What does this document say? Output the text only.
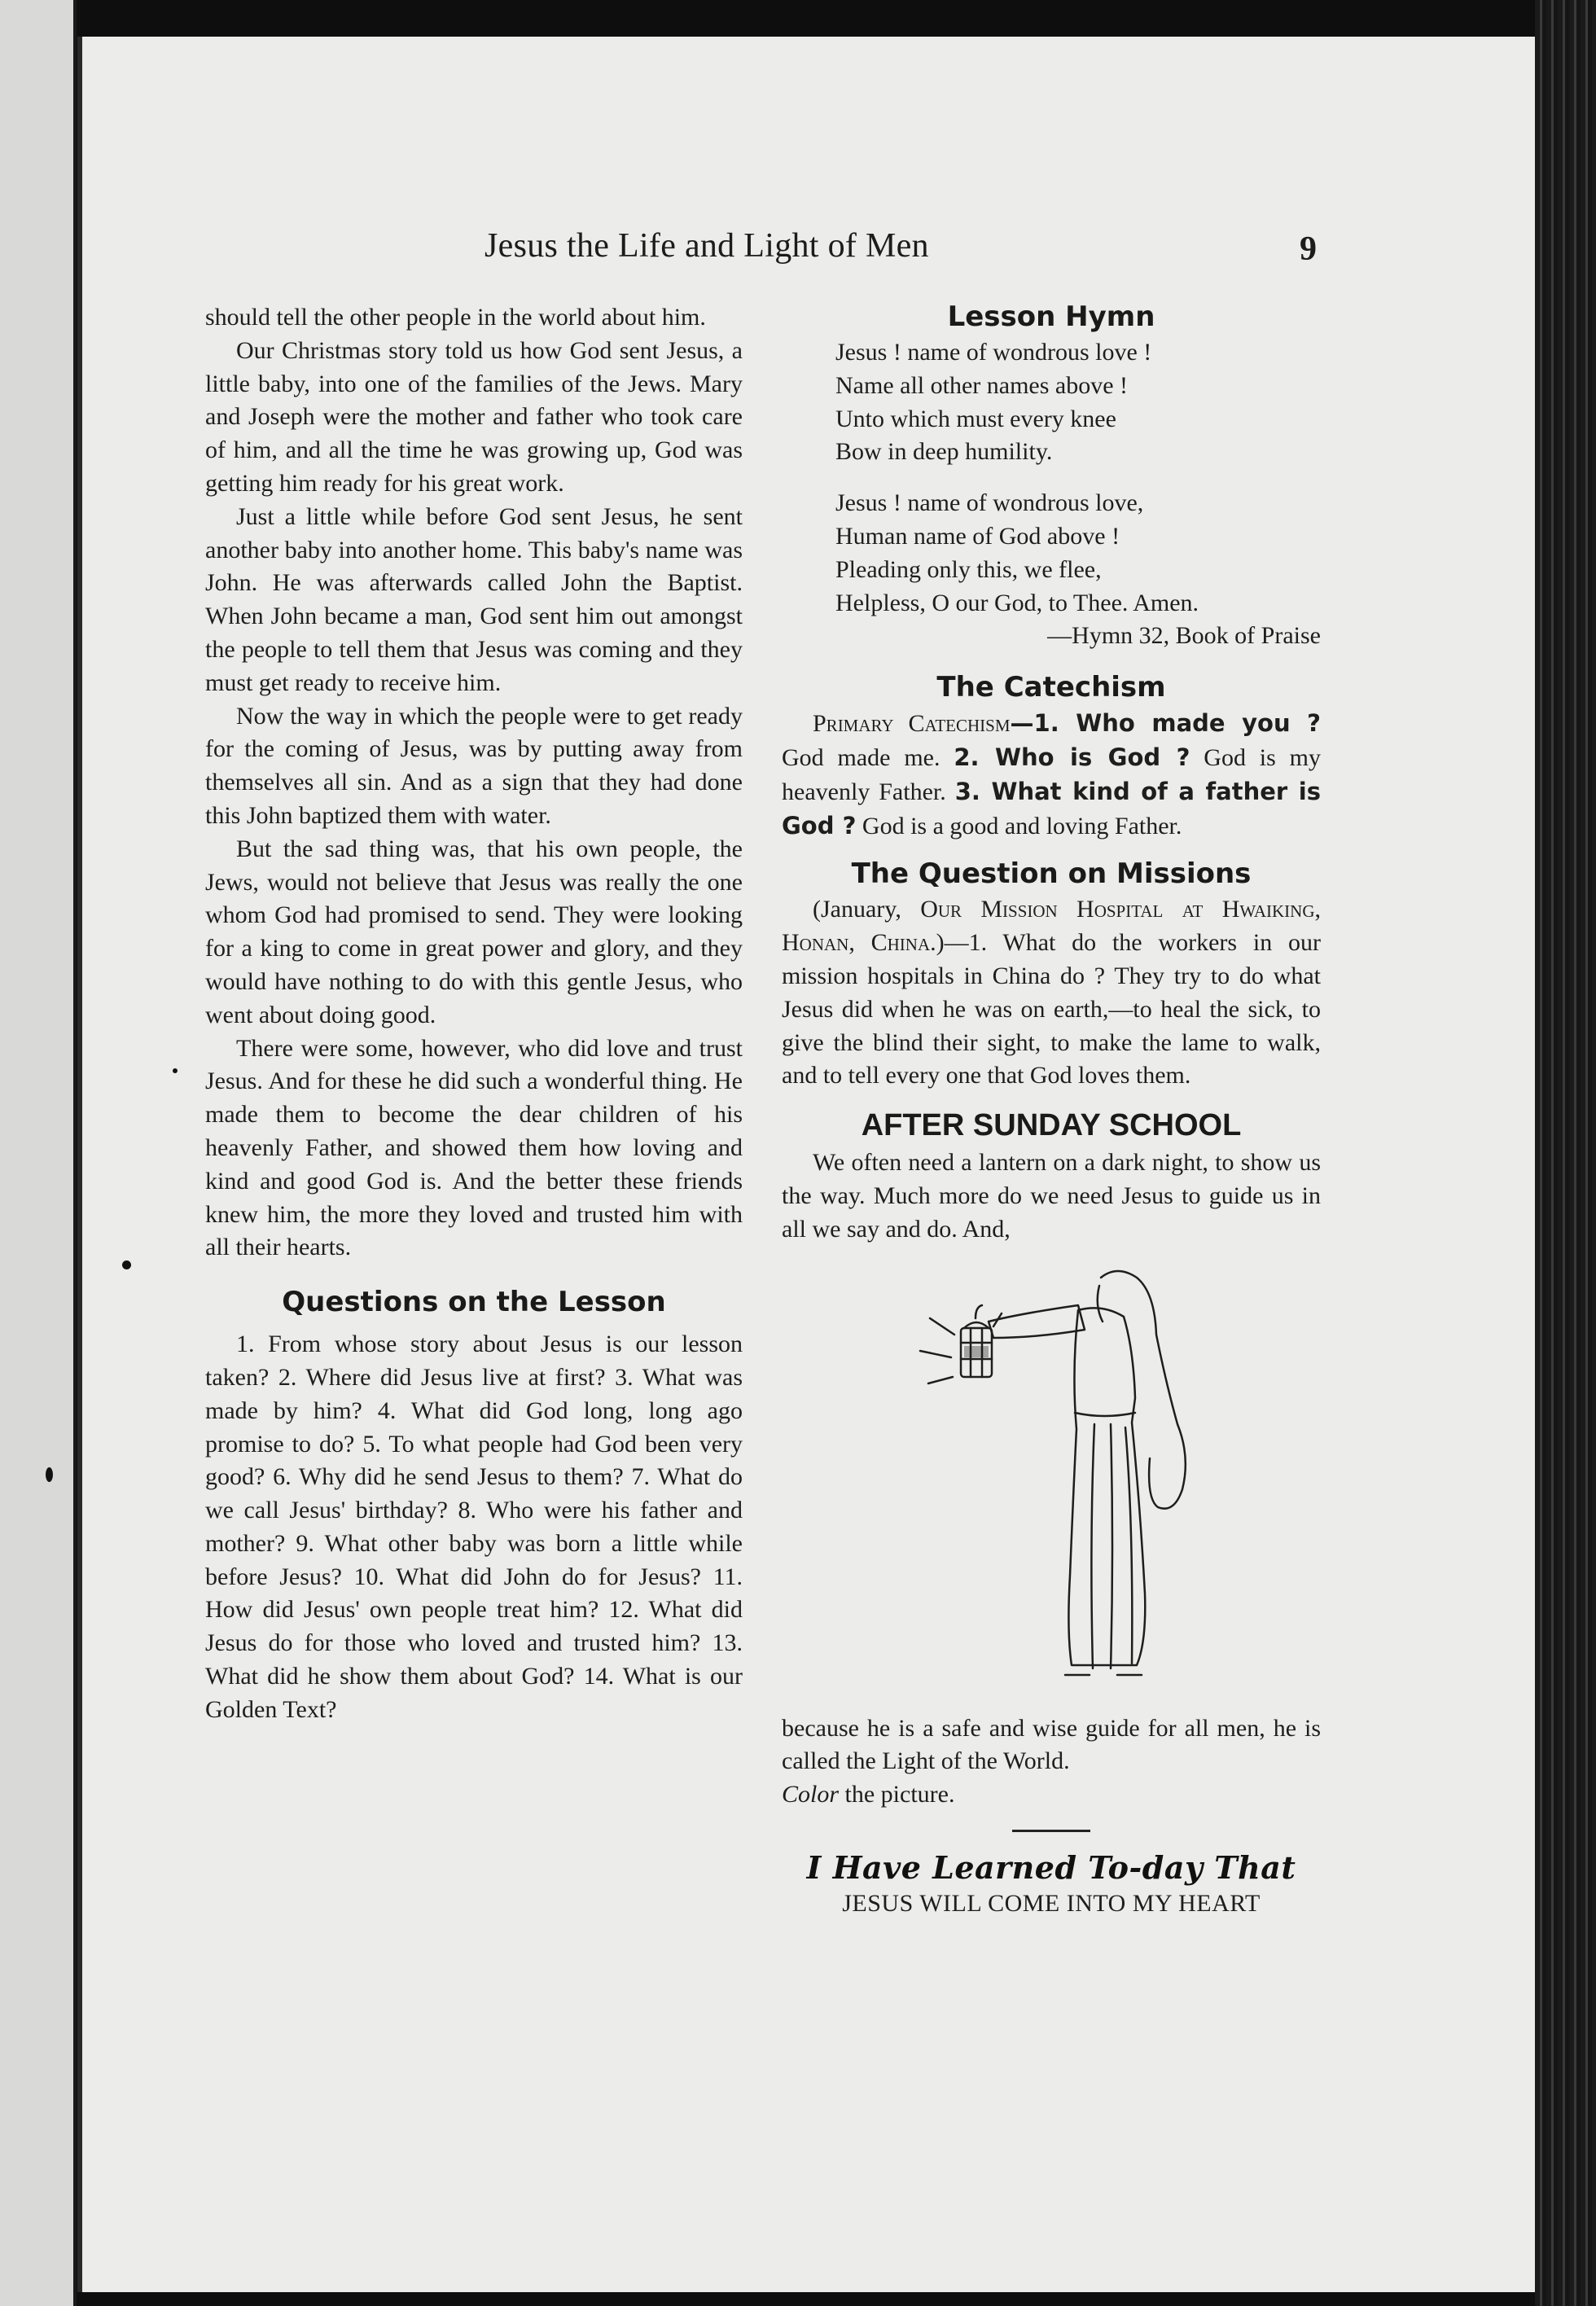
Jesus the Life and Light of Men	9

should tell the other people in the world about him.

Our Christmas story told us how God sent Jesus, a little baby, into one of the families of the Jews. Mary and Joseph were the mother and father who took care of him, and all the time he was growing up, God was getting him ready for his great work.

Just a little while before God sent Jesus, he sent another baby into another home. This baby's name was John. He was afterwards called John the Baptist. When John became a man, God sent him out amongst the people to tell them that Jesus was coming and they must get ready to receive him.

Now the way in which the people were to get ready for the coming of Jesus, was by putting away from themselves all sin. And as a sign that they had done this John baptized them with water.

But the sad thing was, that his own people, the Jews, would not believe that Jesus was really the one whom God had promised to send. They were looking for a king to come in great power and glory, and they would have nothing to do with this gentle Jesus, who went about doing good.

There were some, however, who did love and trust Jesus. And for these he did such a wonderful thing. He made them to become the dear children of his heavenly Father, and showed them how loving and kind and good God is. And the better these friends knew him, the more they loved and trusted him with all their hearts.

Questions on the Lesson

1. From whose story about Jesus is our lesson taken? 2. Where did Jesus live at first? 3. What was made by him? 4. What did God long, long ago promise to do? 5. To what people had God been very good? 6. Why did he send Jesus to them? 7. What do we call Jesus' birthday? 8. Who were his father and mother? 9. What other baby was born a little while before Jesus? 10. What did John do for Jesus? 11. How did Jesus' own people treat him? 12. What did Jesus do for those who loved and trusted him? 13. What did he show them about God? 14. What is our Golden Text?

Lesson Hymn
Jesus ! name of wondrous love !
Name all other names above !
Unto which must every knee
Bow in deep humility.
Jesus ! name of wondrous love,
Human name of God above !
Pleading only this, we flee,
Helpless, O our God, to Thee. Amen.
—Hymn 32, Book of Praise
The Catechism

Primary Catechism—1. Who made you ? God made me. 2. Who is God ? God is my heavenly Father. 3. What kind of a father is God ? God is a good and loving Father.

The Question on Missions

(January, Our Mission Hospital at Hwaiking, Honan, China.)—1. What do the workers in our mission hospitals in China do ? They try to do what Jesus did when he was on earth,—to heal the sick, to give the blind their sight, to make the lame to walk, and to tell every one that God loves them.

AFTER SUNDAY SCHOOL

We often need a lantern on a dark night, to show us the way. Much more do we need Jesus to guide us in all we say and do. And,

because he is a safe and wise guide for all men, he is called the Light of the World.

Color the picture.

I Have Learned To-day That
JESUS WILL COME INTO MY HEART
